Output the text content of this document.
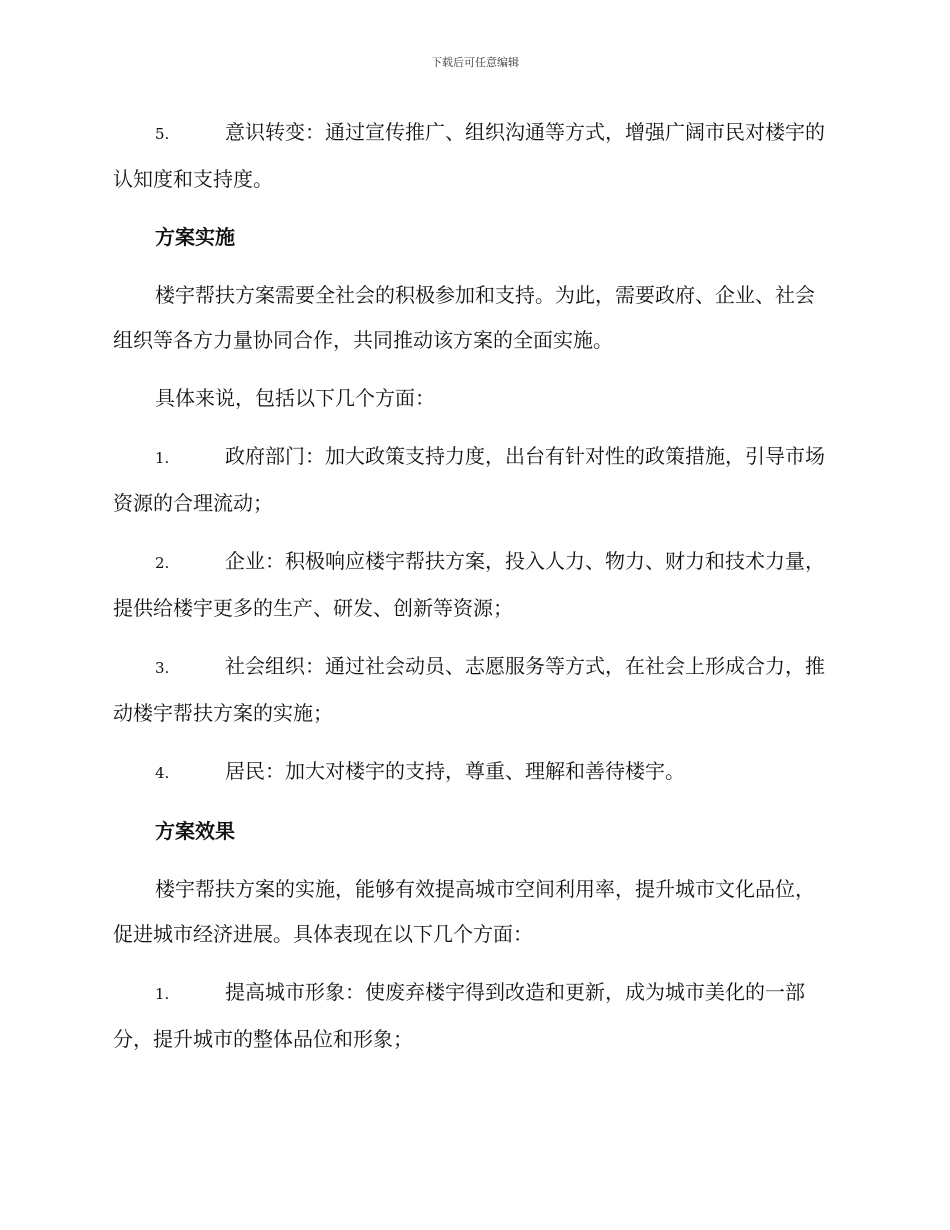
下载后可任意编辑
5.	意识转变：通过宣传推广、组织沟通等方式，增强广阔市民对楼宇的认知度和支持度。
方案实施
楼宇帮扶方案需要全社会的积极参加和支持。为此，需要政府、企业、社会组织等各方力量协同合作，共同推动该方案的全面实施。
具体来说，包括以下几个方面：
1.	政府部门：加大政策支持力度，出台有针对性的政策措施，引导市场资源的合理流动；
2.	企业：积极响应楼宇帮扶方案，投入人力、物力、财力和技术力量，提供给楼宇更多的生产、研发、创新等资源；
3.	社会组织：通过社会动员、志愿服务等方式，在社会上形成合力，推动楼宇帮扶方案的实施；
4.	居民：加大对楼宇的支持，尊重、理解和善待楼宇。
方案效果
楼宇帮扶方案的实施，能够有效提高城市空间利用率，提升城市文化品位，促进城市经济进展。具体表现在以下几个方面：
1.	提高城市形象：使废弃楼宇得到改造和更新，成为城市美化的一部分，提升城市的整体品位和形象；
